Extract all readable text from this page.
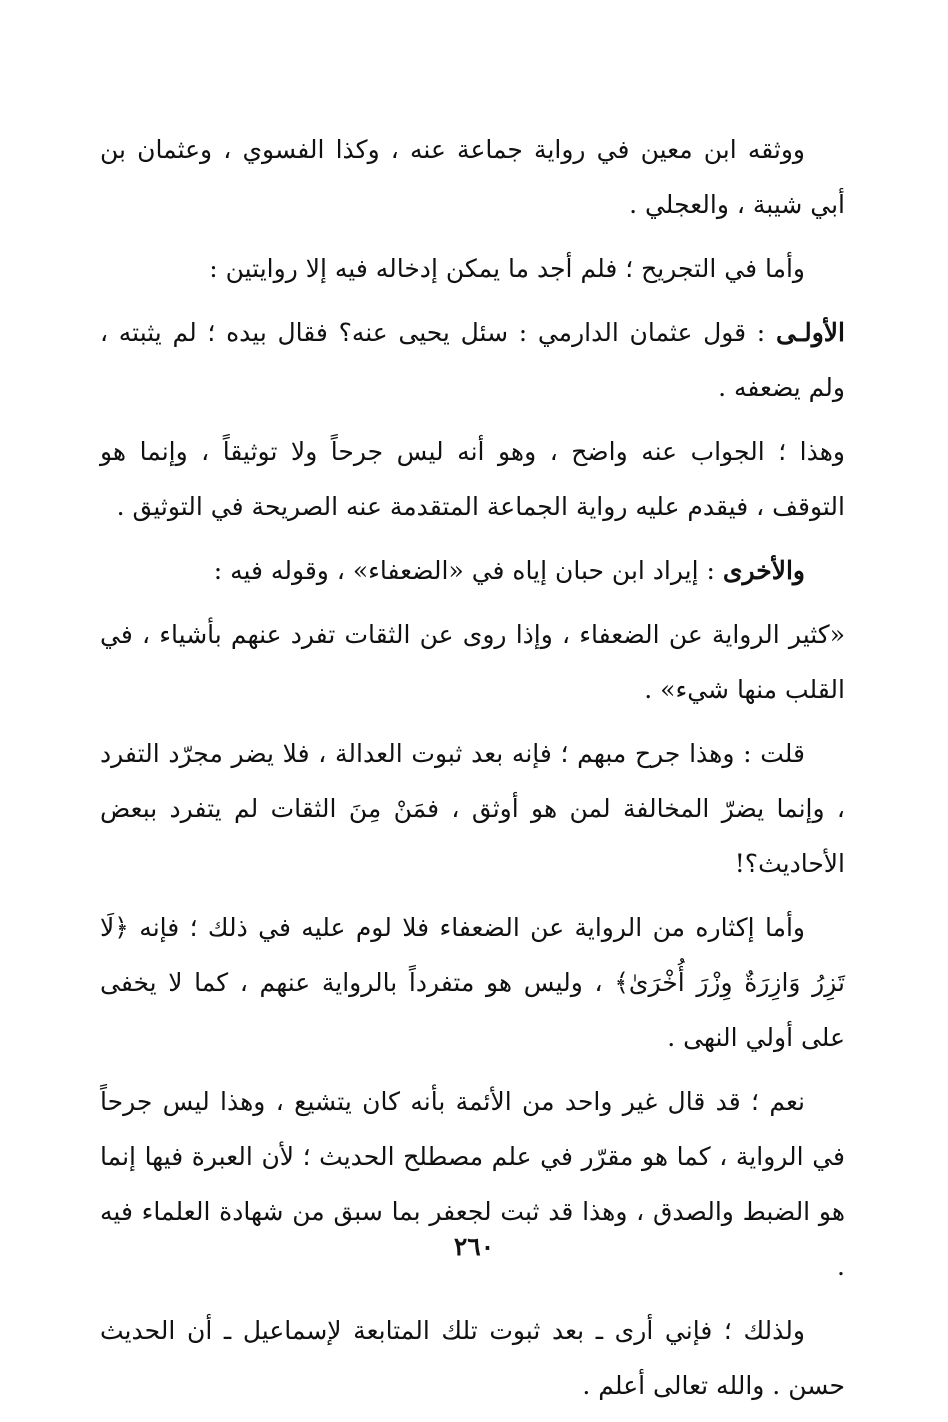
ووثقه ابن معين في رواية جماعة عنه ، وكذا الفسوي ، وعثمان بن أبي شيبة ، والعجلي .

وأما في التجريح ؛ فلم أجد ما يمكن إدخاله فيه إلا روايتين :

الأولـى : قول عثمان الدارمي : سئل يحيى عنه؟ فقال بيده ؛ لم يثبته ، ولم يضعفه .

وهذا ؛ الجواب عنه واضح ، وهو أنه ليس جرحاً ولا توثيقاً ، وإنما هو التوقف ، فيقدم عليه رواية الجماعة المتقدمة عنه الصريحة في التوثيق .

والأخرى : إيراد ابن حبان إياه في «الضعفاء» ، وقوله فيه :

«كثير الرواية عن الضعفاء ، وإذا روى عن الثقات تفرد عنهم بأشياء ، في القلب منها شيء» .

قلت : وهذا جرح مبهم ؛ فإنه بعد ثبوت العدالة ، فلا يضر مجرّد التفرد ، وإنما يضرّ المخالفة لمن هو أوثق ، فمَنْ مِنَ الثقات لم يتفرد ببعض الأحاديث؟!

وأما إكثاره من الرواية عن الضعفاء فلا لوم عليه في ذلك ؛ فإنه ﴿لَا تَزِرُ وَازِرَةٌ وِزْرَ أُخْرَىٰ﴾ ، وليس هو متفرداً بالرواية عنهم ، كما لا يخفى على أولي النهى .

نعم ؛ قد قال غير واحد من الأئمة بأنه كان يتشيع ، وهذا ليس جرحاً في الرواية ، كما هو مقرّر في علم مصطلح الحديث ؛ لأن العبرة فيها إنما هو الضبط والصدق ، وهذا قد ثبت لجعفر بما سبق من شهادة العلماء فيه .

ولذلك ؛ فإني أرى ـ بعد ثبوت تلك المتابعة لإسماعيل ـ أن الحديث حسن . والله تعالى أعلم .

٢٦٠
